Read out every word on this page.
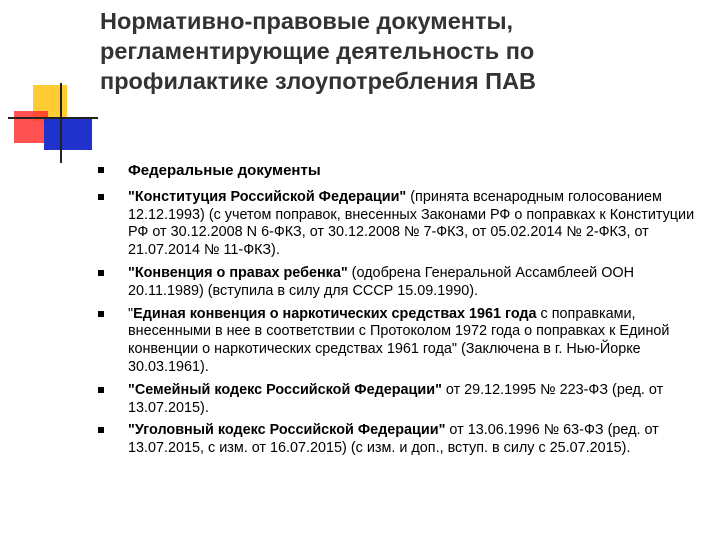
Нормативно-правовые документы,
регламентирующие деятельность по
профилактике злоупотребления ПАВ
Федеральные документы
"Конституция Российской Федерации" (принята всенародным голосованием 12.12.1993) (с учетом поправок, внесенных Законами РФ о поправках к Конституции РФ от 30.12.2008 N 6-ФКЗ, от 30.12.2008 № 7-ФКЗ, от 05.02.2014 № 2-ФКЗ, от 21.07.2014 № 11-ФКЗ).
"Конвенция о правах ребенка" (одобрена Генеральной Ассамблеей ООН 20.11.1989) (вступила в силу для СССР 15.09.1990).
"Единая конвенция о наркотических средствах 1961 года с поправками, внесенными в нее в соответствии с Протоколом 1972 года о поправках к Единой конвенции о наркотических средствах 1961 года" (Заключена в г. Нью-Йорке 30.03.1961).
"Семейный кодекс Российской Федерации" от 29.12.1995 № 223-ФЗ (ред. от 13.07.2015).
"Уголовный кодекс Российской Федерации" от 13.06.1996 № 63-ФЗ (ред. от 13.07.2015, с изм. от 16.07.2015) (с изм. и доп., вступ. в силу с 25.07.2015).
